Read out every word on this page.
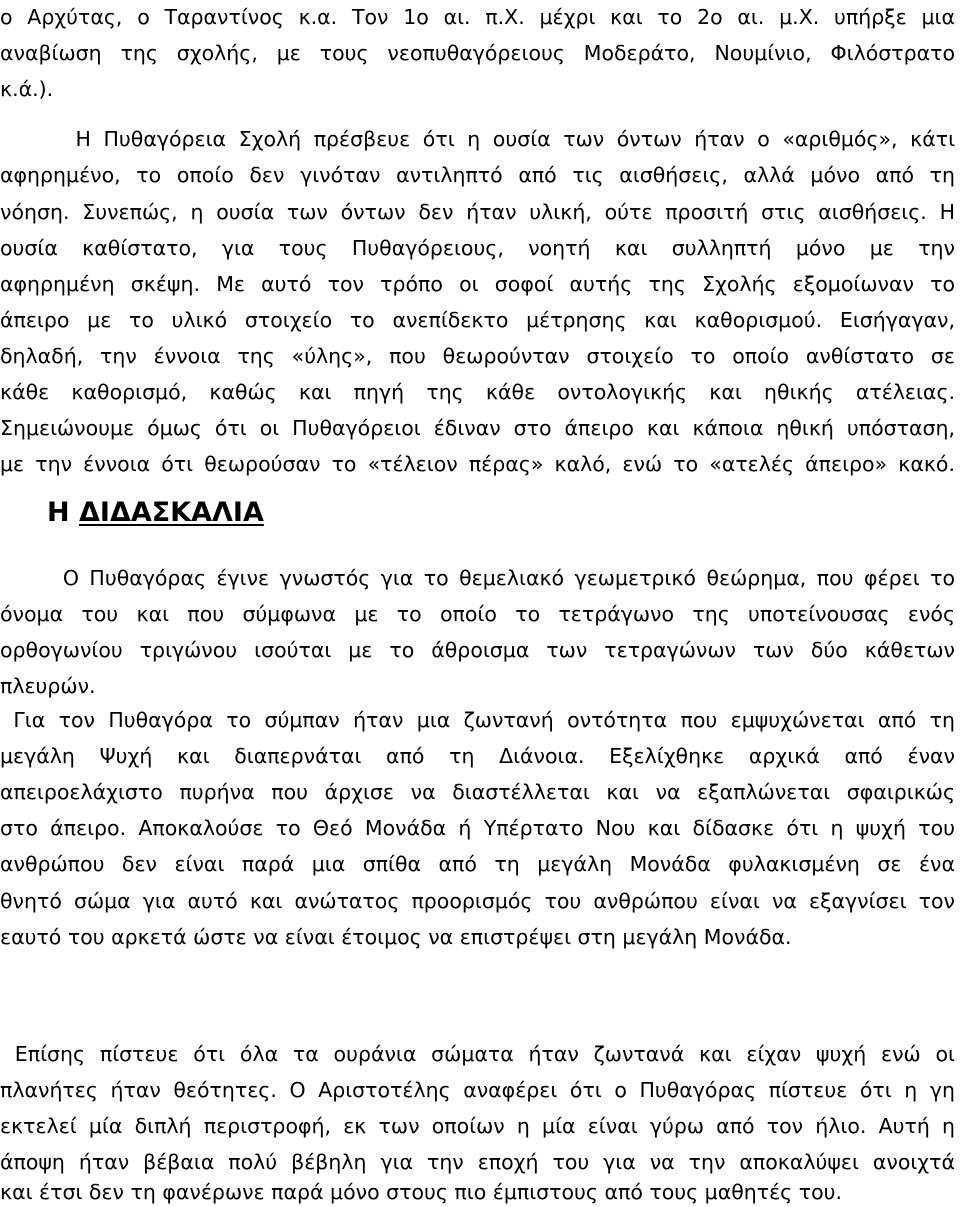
ο Αρχύτας, ο Ταραντίνος κ.α. Τον 1ο αι. π.Χ. μέχρι και το 2ο αι. μ.Χ. υπήρξε μια
αναβίωση της σχολής, με τους νεοπυθαγόρειους Μοδεράτο, Νουμίνιο, Φιλόστρατο
κ.ά.).
Η Πυθαγόρεια Σχολή πρέσβευε ότι η ουσία των όντων ήταν ο «αριθμός», κάτι
αφηρημένο, το οποίο δεν γινόταν αντιληπτό από τις αισθήσεις, αλλά μόνο από τη
νόηση. Συνεπώς, η ουσία των όντων δεν ήταν υλική, ούτε προσιτή στις αισθήσεις. Η
ουσία καθίστατο, για τους Πυθαγόρειους, νοητή και συλληπτή μόνο με την
αφηρημένη σκέψη. Με αυτό τον τρόπο οι σοφοί αυτής της Σχολής εξομοίωναν το
άπειρο με το υλικό στοιχείο το ανεπίδεκτο μέτρησης και καθορισμού. Εισήγαγαν,
δηλαδή, την έννοια της «ύλης», που θεωρούνταν στοιχείο το οποίο ανθίστατο σε
κάθε καθορισμό, καθώς και πηγή της κάθε οντολογικής και ηθικής ατέλειας.
Σημειώνουμε όμως ότι οι Πυθαγόρειοι έδιναν στο άπειρο και κάποια ηθική υπόσταση,
με την έννοια ότι θεωρούσαν το «τέλειον πέρας» καλό, ενώ το «ατελές άπειρο» κακό.
Η ΔΙΔΑΣΚΑΛΙΑ
Ο Πυθαγόρας έγινε γνωστός για το θεμελιακό γεωμετρικό θεώρημα, που φέρει το
όνομα του και που σύμφωνα με το οποίο το τετράγωνο της υποτείνουσας ενός
ορθογωνίου τριγώνου ισούται με το άθροισμα των τετραγώνων των δύο κάθετων
πλευρών.
Για τον Πυθαγόρα το σύμπαν ήταν μια ζωντανή οντότητα που εμψυχώνεται από τη
μεγάλη Ψυχή και διαπερνάται από τη Διάνοια. Εξελίχθηκε αρχικά από έναν
απειροελάχιστο πυρήνα που άρχισε να διαστέλλεται και να εξαπλώνεται σφαιρικώς
στο άπειρο. Αποκαλούσε το Θεό Μονάδα ή Υπέρτατο Νου και δίδασκε ότι η ψυχή του
ανθρώπου δεν είναι παρά μια σπίθα από τη μεγάλη Μονάδα φυλακισμένη σε ένα
θνητό σώμα για αυτό και ανώτατος προορισμός του ανθρώπου είναι να εξαγνίσει τον
εαυτό του αρκετά ώστε να είναι έτοιμος να επιστρέψει στη μεγάλη Μονάδα.
Επίσης πίστευε ότι όλα τα ουράνια σώματα ήταν ζωντανά και είχαν ψυχή ενώ οι
πλανήτες ήταν θεότητες. Ο Αριστοτέλης αναφέρει ότι ο Πυθαγόρας πίστευε ότι η γη
εκτελεί μία διπλή περιστροφή, εκ των οποίων η μία είναι γύρω από τον ήλιο. Αυτή η
άποψη ήταν βέβαια πολύ βέβηλη για την εποχή του για να την αποκαλύψει ανοιχτά
και έτσι δεν τη φανέρωνε παρά μόνο στους πιο έμπιστους από τους μαθητές του.
